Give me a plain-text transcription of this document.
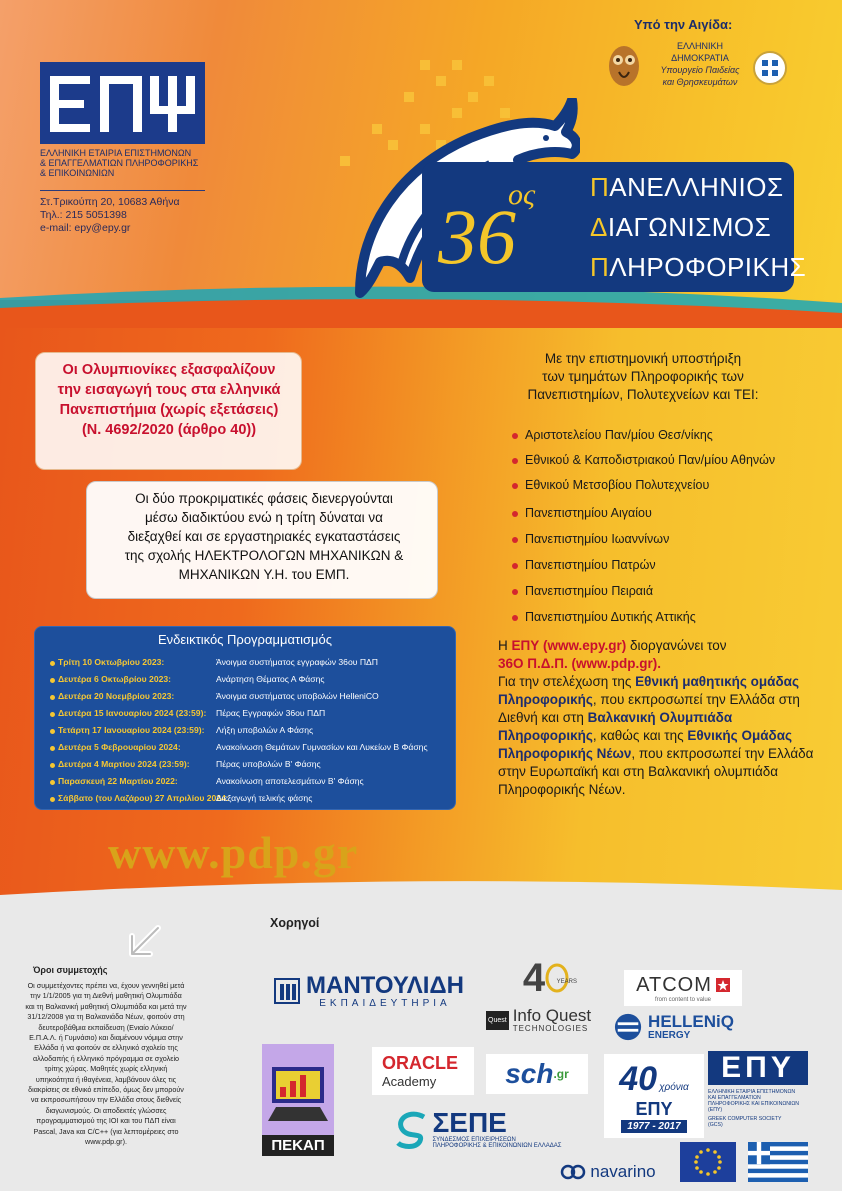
ΕΛΛΗΝΙΚΗ ΕΤΑΙΡΙΑ ΕΠΙΣΤΗΜΟΝΩΝ
& ΕΠΑΓΓΕΛΜΑΤΙΩΝ ΠΛΗΡΟΦΟΡΙΚΗΣ
& ΕΠΙΚΟΙΝΩΝΙΩΝ
Στ.Τρικούπη 20, 10683 Αθήνα
Τηλ.: 215 5051398
e-mail: epy@epy.gr
Υπό την Αιγίδα:
ΕΛΛΗΝΙΚΗ ΔΗΜΟΚΡΑΤΙΑ
Υπουργείο Παιδείας
και Θρησκευμάτων
36
ος ΠΑΝΕΛΛΗΝΙΟΣ
ΔΙΑΓΩΝΙΣΜΟΣ
ΠΛΗΡΟΦΟΡΙΚΗΣ
Οι Ολυμπιονίκες εξασφαλίζουν
την εισαγωγή τους στα ελληνικά
Πανεπιστήμια (χωρίς εξετάσεις)
(Ν. 4692/2020 (άρθρο 40))
Οι δύο προκριματικές φάσεις διενεργούνται
μέσω διαδικτύου ενώ η τρίτη δύναται να
διεξαχθεί και σε εργαστηριακές εγκαταστάσεις
της σχολής ΗΛΕΚΤΡΟΛΟΓΩΝ ΜΗΧΑΝΙΚΩΝ &
ΜΗΧΑΝΙΚΩΝ Υ.Η. του ΕΜΠ.
Ενδεικτικός Προγραμματισμός
Τρίτη 10 Οκτωβρίου 2023:	Άνοιγμα συστήματος εγγραφών 36ου ΠΔΠ
Δευτέρα 6 Οκτωβρίου 2023:	Ανάρτηση Θέματος Α Φάσης
Δευτέρα 20 Νοεμβρίου 2023:	Άνοιγμα συστήματος υποβολών HelleniCO
Δευτέρα 15 Ιανουαρίου 2024 (23:59): Πέρας Εγγραφών 36ου ΠΔΠ
Τετάρτη 17 Ιανουαρίου 2024 (23:59): Λήξη υποβολών Α Φάσης
Δευτέρα 5 Φεβρουαρίου 2024:	Ανακοίνωση Θεμάτων Γυμνασίων και Λυκείων Β Φάσης
Δευτέρα 4 Μαρτίου 2024 (23:59):	Πέρας υποβολών Β' Φάσης
Παρασκευή 22 Μαρτίου 2022:	Ανακοίνωση αποτελεσμάτων Β' Φάσης
Σάββατο (του Λαζάρου) 27 Απριλίου 2024:
Διεξαγωγή τελικής φάσης
www.pdp.gr
Με την επιστημονική υποστήριξη
των τμημάτων Πληροφορικής των
Πανεπιστημίων, Πολυτεχνείων και ΤΕΙ:
Αριστοτελείου Παν/μίου Θεσ/νίκης
Εθνικού & Καποδιστριακού Παν/μίου Αθηνών
Εθνικού Μετσοβίου Πολυτεχνείου
Πανεπιστημίου Αιγαίου
Πανεπιστημίου Ιωαννίνων
Πανεπιστημίου Πατρών
Πανεπιστημίου Πειραιά
Πανεπιστημίου Δυτικής Αττικής
Η ΕΠΥ (www.epy.gr) διοργανώνει τον
36Ο Π.Δ.Π. (www.pdp.gr).
Για την στελέχωση της Εθνική μαθητικής ομάδας Πληροφορικής, που εκπροσωπεί την Ελλάδα στη Διεθνή και στη Βαλκανική Ολυμπιάδα Πληροφορικής, καθώς και της Εθνικής Ομάδας Πληροφορικής Νέων, που εκπροσωπεί την Ελλάδα στην Ευρωπαϊκή και στη Βαλκανική ολυμπιάδα Πληροφορικής Νέων.
Όροι συμμετοχής
Οι συμμετέχοντες πρέπει να, έχουν γεννηθεί μετά την 1/1/2005 για τη Διεθνή μαθητική Ολυμπιάδα και τη Βαλκανική μαθητική Ολυμπιάδα και μετά την 31/12/2008 για τη Βαλκανιάδα Νέων, φοιτούν στη δευτεροβάθμια εκπαίδευση (Ενιαίο Λύκειο/Ε.Π.Α.Λ. ή Γυμνάσιο) και διαμένουν νόμιμα στην Ελλάδα ή να φοιτούν σε ελληνικό σχολείο της αλλοδαπής ή ελληνικό πρόγραμμα σε σχολείο τρίτης χώρας. Μαθητές χωρίς ελληνική υπηκοότητα ή ιθαγένεια, λαμβάνουν όλες τις διακρίσεις σε εθνικό επίπεδο, όμως δεν μπορούν να εκπροσωπήσουν την Ελλάδα στους διεθνείς διαγωνισμούς. Οι αποδεκτές γλώσσες προγραμματισμού της IOI και του ΠΔΠ είναι Pascal, Java και C/C++ (για λεπτομέρειες στο www.pdp.gr).
Χορηγοί
ΜΑΝΤΟΥΛΙΔΗ
ΕΚΠΑΙΔΕΥΤΗΡΙΑ
4 YEARS
Quest Info Quest
TECHNOLOGIES
ATCOM
from content to value
HELLENiQ
ENERGY
ΠΕΚΑΠ
ORACLE
Academy sch .gr 40 χρόνια
ΕΠΥ
1977 - 2017
ΕΠΥ
ΕΛΛΗΝΙΚΗ ΕΤΑΙΡΙΑ ΕΠΙΣΤΗΜΟΝΩΝ
ΚΑΙ ΕΠΑΓΓΕΛΜΑΤΙΩΝ
ΠΛΗΡΟΦΟΡΙΚΗΣ ΚΑΙ ΕΠΙΚΟΙΝΩΝΙΩΝ
(ΕΠΥ)
GREEK COMPUTER SOCIETY
(GCS)
ΣΕΠΕ
ΣΥΝΔΕΣΜΟΣ ΕΠΙΧΕΙΡΗΣΕΩΝ
ΠΛΗΡΟΦΟΡΙΚΗΣ & ΕΠΙΚΟΙΝΩΝΙΩΝ ΕΛΛΑΔΑΣ
navarino
